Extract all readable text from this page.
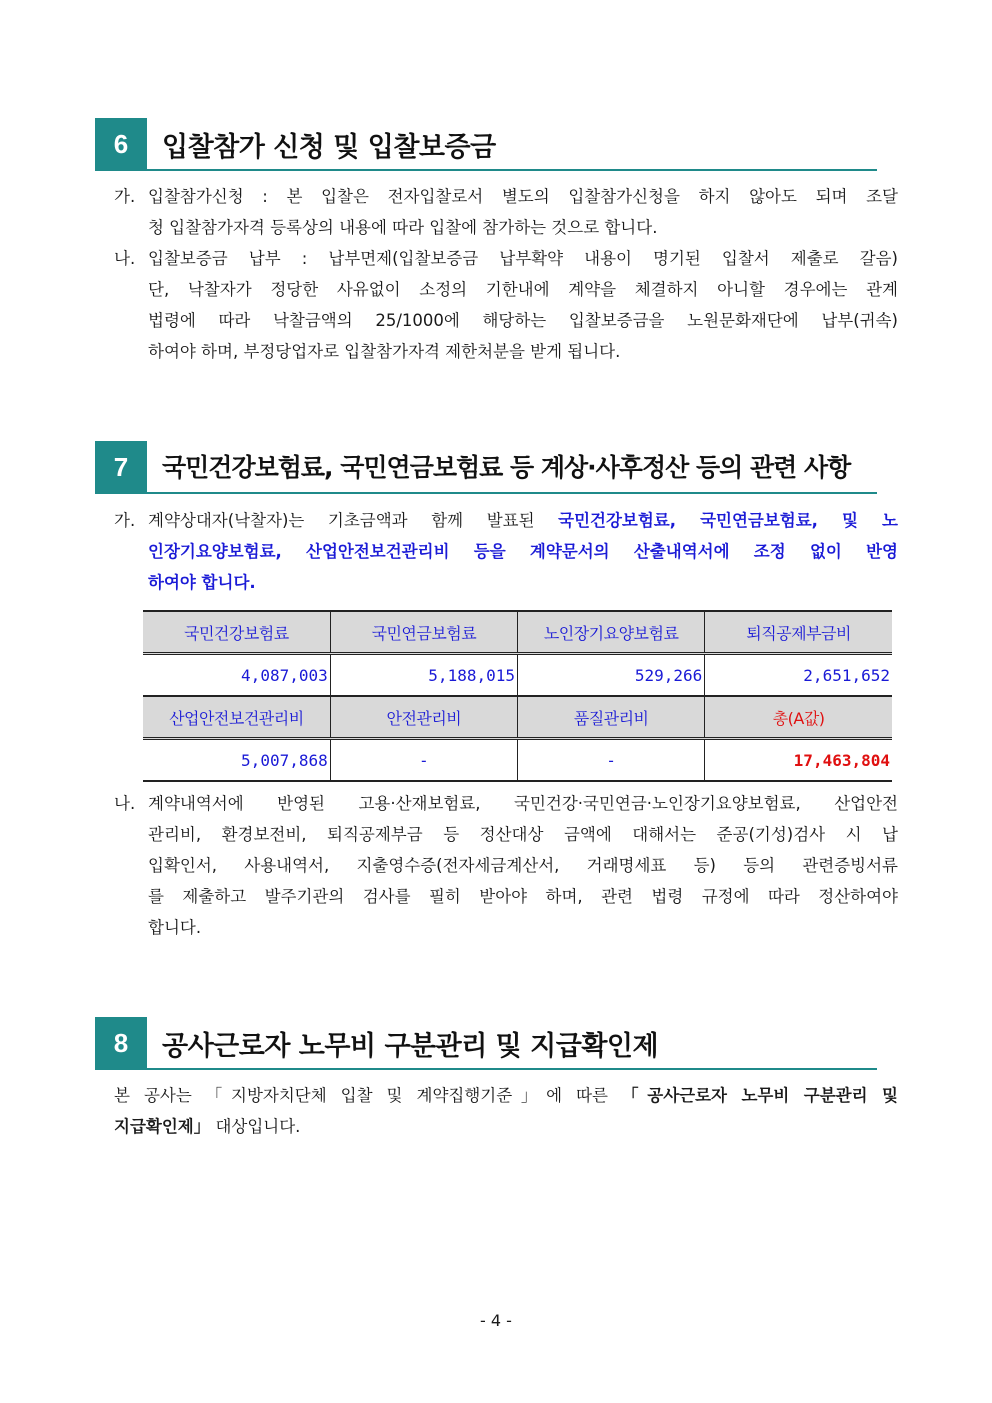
6	입찰참가 신청 및 입찰보증금
가. 입찰참가신청 : 본 입찰은 전자입찰로서 별도의 입찰참가신청을 하지 않아도 되며 조달
청 입찰참가자격 등록상의 내용에 따라 입찰에 참가하는 것으로 합니다.
나. 입찰보증금 납부 : 납부면제(입찰보증금 납부확약 내용이 명기된 입찰서 제출로 갈음)
단, 낙찰자가 정당한 사유없이 소정의 기한내에 계약을 체결하지 아니할 경우에는 관계
법령에 따라 낙찰금액의 25/1000에 해당하는 입찰보증금을 노원문화재단에 납부(귀속)
하여야 하며, 부정당업자로 입찰참가자격 제한처분을 받게 됩니다.
7	국민건강보험료, 국민연금보험료 등 계상·사후정산 등의 관련 사항
가. 계약상대자(낙찰자)는 기초금액과 함께 발표된 국민건강보험료, 국민연금보험료, 및 노
인장기요양보험료, 산업안전보건관리비 등을 계약문서의 산출내역서에 조정 없이 반영
하여야 합니다.
국민건강보험료	국민연금보험료	노인장기요양보험료	퇴직공제부금비
4,087,003	5,188,015	529,266	2,651,652
산업안전보건관리비	안전관리비	품질관리비	총(A값)
5,007,868	-	-	17,463,804
나. 계약내역서에 반영된 고용·산재보험료, 국민건강·국민연금·노인장기요양보험료, 산업안전
관리비, 환경보전비, 퇴직공제부금 등 정산대상 금액에 대해서는 준공(기성)검사 시 납
입확인서, 사용내역서, 지출영수증(전자세금계산서, 거래명세표 등) 등의 관련증빙서류
를 제출하고 발주기관의 검사를 필히 받아야 하며, 관련 법령 규정에 따라 정산하여야
합니다.
8	공사근로자 노무비 구분관리 및 지급확인제
본 공사는 「지방자치단체 입찰 및 계약집행기준」에 따른 「공사근로자 노무비 구분관리 및
지급확인제」 대상입니다.
- 4 -
